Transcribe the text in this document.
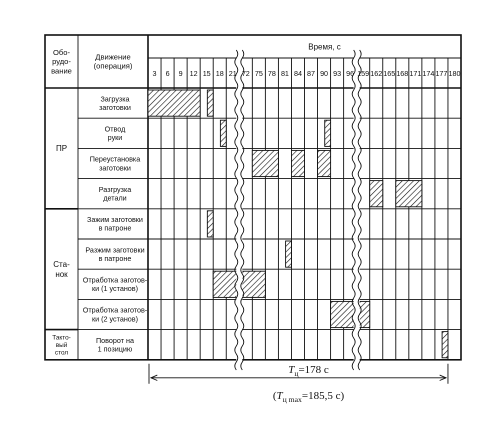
Обо-
рудо-
вание
Движение
(операция)
Время, с
3 6 9 12 15 18 21 72 75 78 81 84 87 90 93 96 159 162 165 168 171 174 177 180
Загрузка
заготовки
Отвод
руки
Переустановка
заготовки
Разгрузка
детали
Зажим заготовки
в патроне
Разжим заготовки
в патроне
Отработка заготов-
ки (1 установ)
Отработка заготов-
ки (2 установ)
Поворот на
1 позицию
ПР
Ста-
нок
Такто-
вый
стол
$T_ц=178$ с
($T_{ц max}=185,5$ с)
